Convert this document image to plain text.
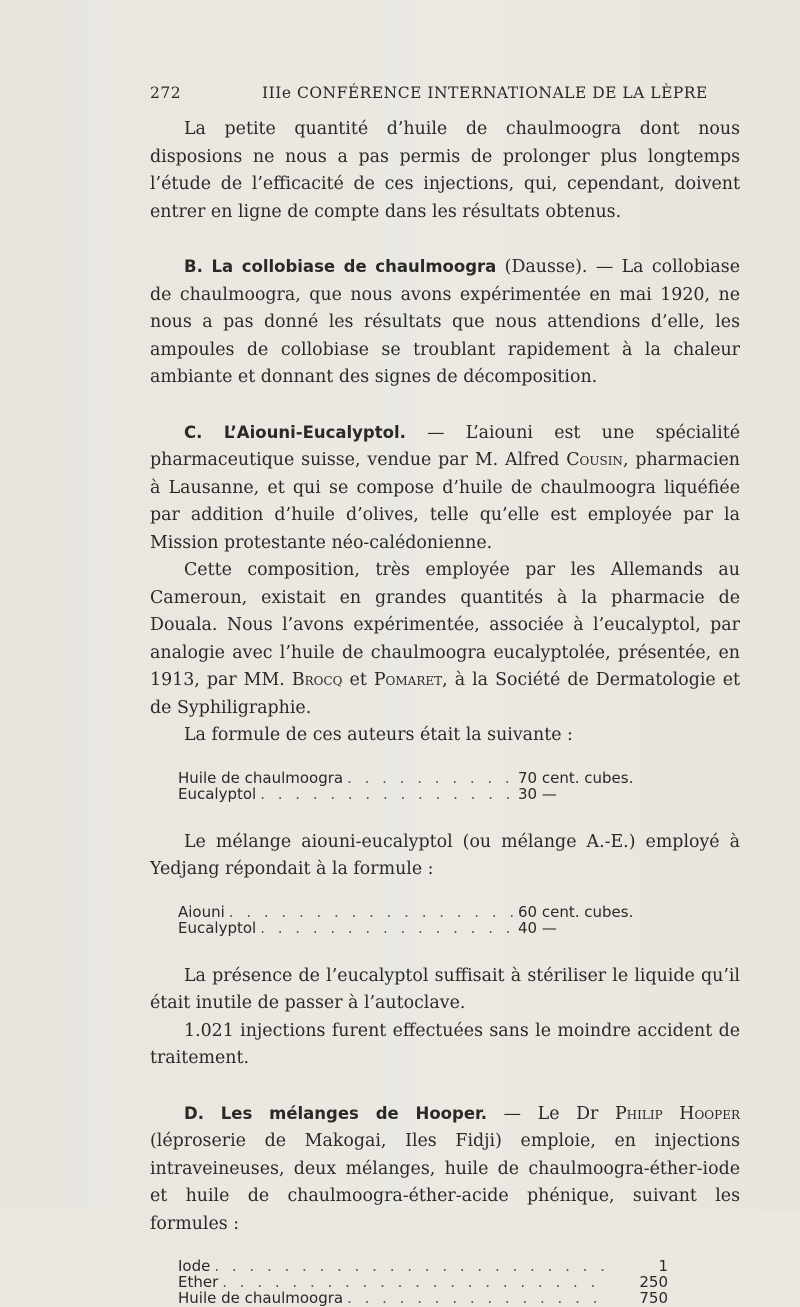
272	IIIe CONFÉRENCE INTERNATIONALE DE LA LÈPRE

La petite quantité d’huile de chaulmoogra dont nous disposions ne nous a pas permis de prolonger plus longtemps l’étude de l’efficacité de ces injections, qui, cependant, doivent entrer en ligne de compte dans les résultats obtenus.

B. La collobiase de chaulmoogra (Dausse). — La collobiase de chaulmoogra, que nous avons expérimentée en mai 1920, ne nous a pas donné les résultats que nous attendions d’elle, les ampoules de collobiase se troublant rapidement à la chaleur ambiante et donnant des signes de décomposition.

C. L’Aiouni-Eucalyptol. — L’aiouni est une spécialité pharmaceutique suisse, vendue par M. Alfred Cousin, pharmacien à Lausanne, et qui se compose d’huile de chaulmoogra liquéfiée par addition d’huile d’olives, telle qu’elle est employée par la Mission protestante néo-calédonienne.

Cette composition, très employée par les Allemands au Cameroun, existait en grandes quantités à la pharmacie de Douala. Nous l’avons expérimentée, associée à l’eucalyptol, par analogie avec l’huile de chaulmoogra eucalyptolée, présentée, en 1913, par MM. Brocq et Pomaret, à la Société de Dermatologie et de Syphiligraphie.

La formule de ces auteurs était la suivante :

Huile de chaulmoogra . . .	70 cent. cubes.
Eucalyptol . . .	30 —

Le mélange aiouni-eucalyptol (ou mélange A.-E.) employé à Yedjang répondait à la formule :

Aiouni . . .	60 cent. cubes.
Eucalyptol . . .	40 —

La présence de l’eucalyptol suffisait à stériliser le liquide qu’il était inutile de passer à l’autoclave.

1.021 injections furent effectuées sans le moindre accident de traitement.

D. Les mélanges de Hooper. — Le Dr Philip Hooper (léproserie de Makogai, Iles Fidji) emploie, en injections intraveineuses, deux mélanges, huile de chaulmoogra-éther-iode et huile de chaulmoogra-éther-acide phénique, suivant les formules :

Iode . . .	1
Ether . . .	250
Huile de chaulmoogra . . .	750
